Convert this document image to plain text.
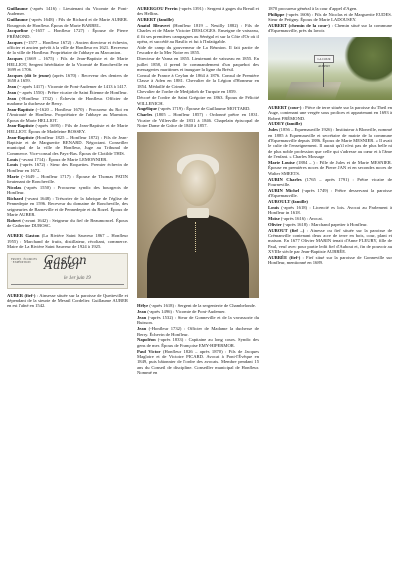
Guillaume (-après 1416) : Lieutenant du Vicomte de Pont-Audemer.

Guillaume (-après 1648) : Fils de Richard et de Marie AUBER. Bourgeois de Honfleur. Époux de Marie BARBEL.

Jacqueline (~1657 – Honfleur 1727) : Épouse de Pierre FRÉMOND.

Jacques (~1577 – Honfleur 1672) : Ancien directeur et échevin, officier et ancien prévôt à la ville de Honfleur en 1621. Receveur de la ville de Honfleur. Propriétaire de l'abbaye au Marcanion.

Jacques (1669 – 1675) : Fils de Jean-Baptiste et de Marie HELLIOT, Sergent héréditaire de la Vicomté de Roncheville en 1699 et 1706.

Jacques (dit le jeune) (après 1670) : Receveur des deniers de 1658 à 1659.

Jean (~ après 1417) : Vicomte de Pont-Audemer de 1413 à 1417.

Jean (~ après 1550) : Prêtre vicaire de Saint Étienne de Honfleur.

Jean (-Honfleur 1732) : Échevin de Honfleur. Officier de madame la duchesse de Berry.

Jean-Baptiste (~1620 – Honfleur 1670) : Procureur du Roi en l'Amirauté de Honfleur. Propriétaire de l'abbaye au Marmion. Époux de Marie HELLIOT.

Jean-Baptiste (-après 1695) : Fils de Jean-Baptiste et de Marie HELLIOT. Époux de Madeleine BOSSEY.

Jean-Baptiste (Honfleur 1825 – Honfleur 1872) : Fils de Jean-Baptiste et de Marguerite RENARD. Négociant. Conseiller municipal de la ville de Honfleur, Juge au Tribunal de Commerce. Vice-consul des Pays-Bas. Époux de Clotilde THIS.

Louis (~avant 1714) : Époux de Marie LEMONNIER.

Louis (-après 1672) : Sieur des Roquettes. Premier échevin de Honfleur en 1672.

Marie (~1649 – Honfleur 1717) : Épouse de Thomas PATIN lieutenant de Roncheville.

Nicolas (-après 1550) : Procureur syndic des bourgeois de Honfleur.

Richard (-avant 1648) : Trésorier de la fabrique de l'église de Pennedepie en 1596. Receveur du domaine de Roncheville, des seigneuries de Barneville et de Pennedepie et du Rozel. Époux de Marie AUBER.

Robert (-avant 1642) : Seigneur du fief de Beaumoncel. Époux de Catherine DUBOSC.

AUBER Gaston (La Rivière Saint Sauveur 1867 – Honfleur 1955) : Marchand de fruits, distillateur, récoltant, commerce. Maire de La Rivière Saint Sauveur de 1924 à 1925.

FRUITS ÉCORCES · EXPÉDITION	Gaston Auber
le 1er juin 19

AUBER (fief-) : Ainsesse située sur la paroisse de Quetteville et dépendant de la sieurie de Mesnil Cordelier. Guillaume AUBER en est l'aîné en 1542.

AUBERGOU Perrin (-après 1391) : Sergent à gages du Breuil et des Hellins.

AUBERT (famille)

Anatol Bleuvert (Honfleur 1819 – Neuilly 1882) : Fils de Charles et de Marie Victoire DESLOGES. Enseigne de vaisseau, il fit ses premières campagnes au Sénégal et sur la Côte d'Or où il opéra, et succédé au Basilic et fut à l'Infatigable.

Aide de camp du gouverneur de La Réunion. Il fait partie de l'escadre de la Mer Noire en 1855.

Directeur de Varna en 1855. Lieutenant de vaisseau en 1855. En juillet 1858, il prend le commandement d'un paquebot des messageries maritimes et inaugure la ligne du Brésil.

Consul de France à Ceylan de 1864 à 1876. Consul de Première Classe à Aden en 1881. Chevalier de la Légion d'Honneur en 1854. Médaillé de Crimée.

Chevalier de l'ordre de Medjidieh de Turquie en 1859.

Décoré de l'ordre de Saint Grégoire en 1863. Époux de Félicité WILLENICH.

Angélique (-après 1719) : Épouse de Guillaume MOTTARD.

Charles (1805 – Honfleur 1857) : Ordonné prêtre en 1831. Vicaire de Villerville de 1831 à 1846. Chapelain épiscopal de Notre Dame de Grâce de 1840 à 1857.

Hélye (-après 1618) : Sergent de la sergenterie de Chambelonde.

Jean (-après 1496) : Vicomte de Pont-Audemer.

Jean (-après 1532) : Sieur de Gonneville et de la vavassorie du Buisson.

Jean (-Honfleur 1732) : Officier de Madame la duchesse de Berry. Échevin de Honfleur.

Napoléon (-après 1833) : Capitaine au long cours. Syndic des gens de mer. Époux de Françoise EMY-HIPERMOR.

Paul Victor (Honfleur 1826 – après 1870) : Fils de Jacques Magloire et de Victoire PICARD. Avocat à Pont-l'Évêque en 1849, puis bâtonnier de l'ordre des avocats. Membre pendant 15 ans du Conseil de discipline. Conseiller municipal de Honfleur. Nommé en

1870 procureur général à la cour d'appel d'Agen.

Philippe (-après 1606) : Fils de Nicolas et de Marguerite EUDES. Sieur de Petigny. Époux de Marie LADOUSEY.

AUBERT (chemin de la cour-) : Chemin situé sur la commune d'Equemauville, près du lavoir.

LA COUR AUBERT

AUBERT (cour-) : Pièce de terre située sur la paroisse du Theil en Auge, contenant une vergée sous prolices et appartenant en 1693 à Robert FRÉMOND.

AUDEY (famille)

Jules (1856 – Equemauville 1926) : Instituteur à Blonville, nommé en 1885 à Equemauville et secrétaire de mairie de la commune d'Equemauville depuis 1886. Époux de Marie MESNIER. « Il avait le culte de l'enseignement. Il aurait qu'il n'est pas de plus belle ni de plus noble profession que celle qui s'adresse au cœur et à l'âme de l'enfant. » Charles Mossage

Marie Louise (1884 – ) : Fille de Jules et de Marie MESNIER. Épouse en premières noces de Pierre JAN et en secondes noces de Walter SMEETS.

AUBIN Charles (1765 – après 1791) : Prêtre vicaire de Fourneville.

AUBIN Michel (-après 1749) : Prêtre desservant la paroisse d'Equemauville.

AUBOULT (famille)

Louis (-après 1618) : Licencié es lois. Avocat au Parlement à Honfleur in 1618.

Moïse (-après 1616) : Avocat.

Olivier (-après 1618) : Marchand papetier à Honfleur.

AUBOUT (fief –) : Ainesse ou fief située sur la paroisse de Crémanville contenant deux acre de terre en bois, cour, plant et maison. En 1677 Olivier MARIN tenait d'Anne FLEURY, fille de Paul, veuf avec pour partie ledit fief d'Aubout et, fin de pouvoir au XVIIIe siècle par Jean-Baptiste AUBRÉE.

AUBRÉE (fief-) : Fief situé sur la paroisse de Gonneville sur Honfleur, mentionné en 1689.
